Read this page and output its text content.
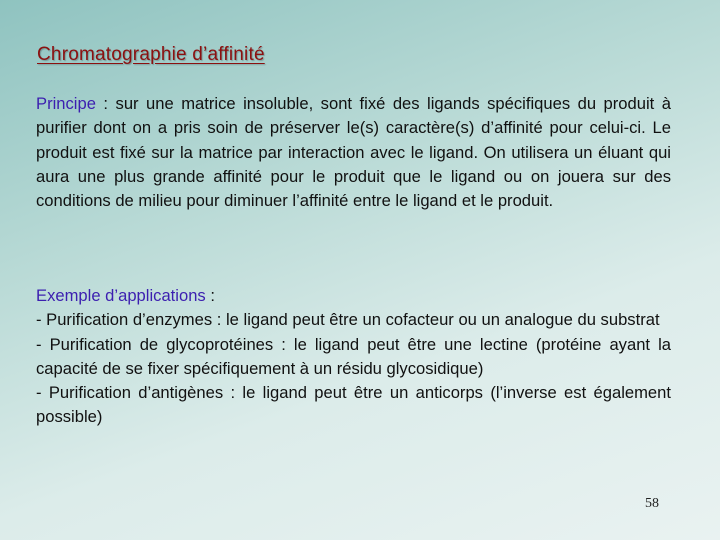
Chromatographie d’affinité

Principe : sur une matrice insoluble, sont fixé des ligands spécifiques du produit à purifier dont on a pris soin de préserver le(s) caractère(s) d’affinité pour celui-ci. Le produit est fixé sur la matrice par interaction avec le ligand. On utilisera un éluant qui aura une plus grande affinité pour le produit que le ligand ou on jouera sur des conditions de milieu pour diminuer l’affinité entre le ligand et le produit.

Exemple d’applications :
- Purification d’enzymes : le ligand peut être un cofacteur ou un analogue du substrat
- Purification de glycoprotéines : le ligand peut être une lectine (protéine ayant la capacité de se fixer spécifiquement à un résidu glycosidique)
- Purification d’antigènes : le ligand peut être un anticorps (l’inverse est également possible)
58
